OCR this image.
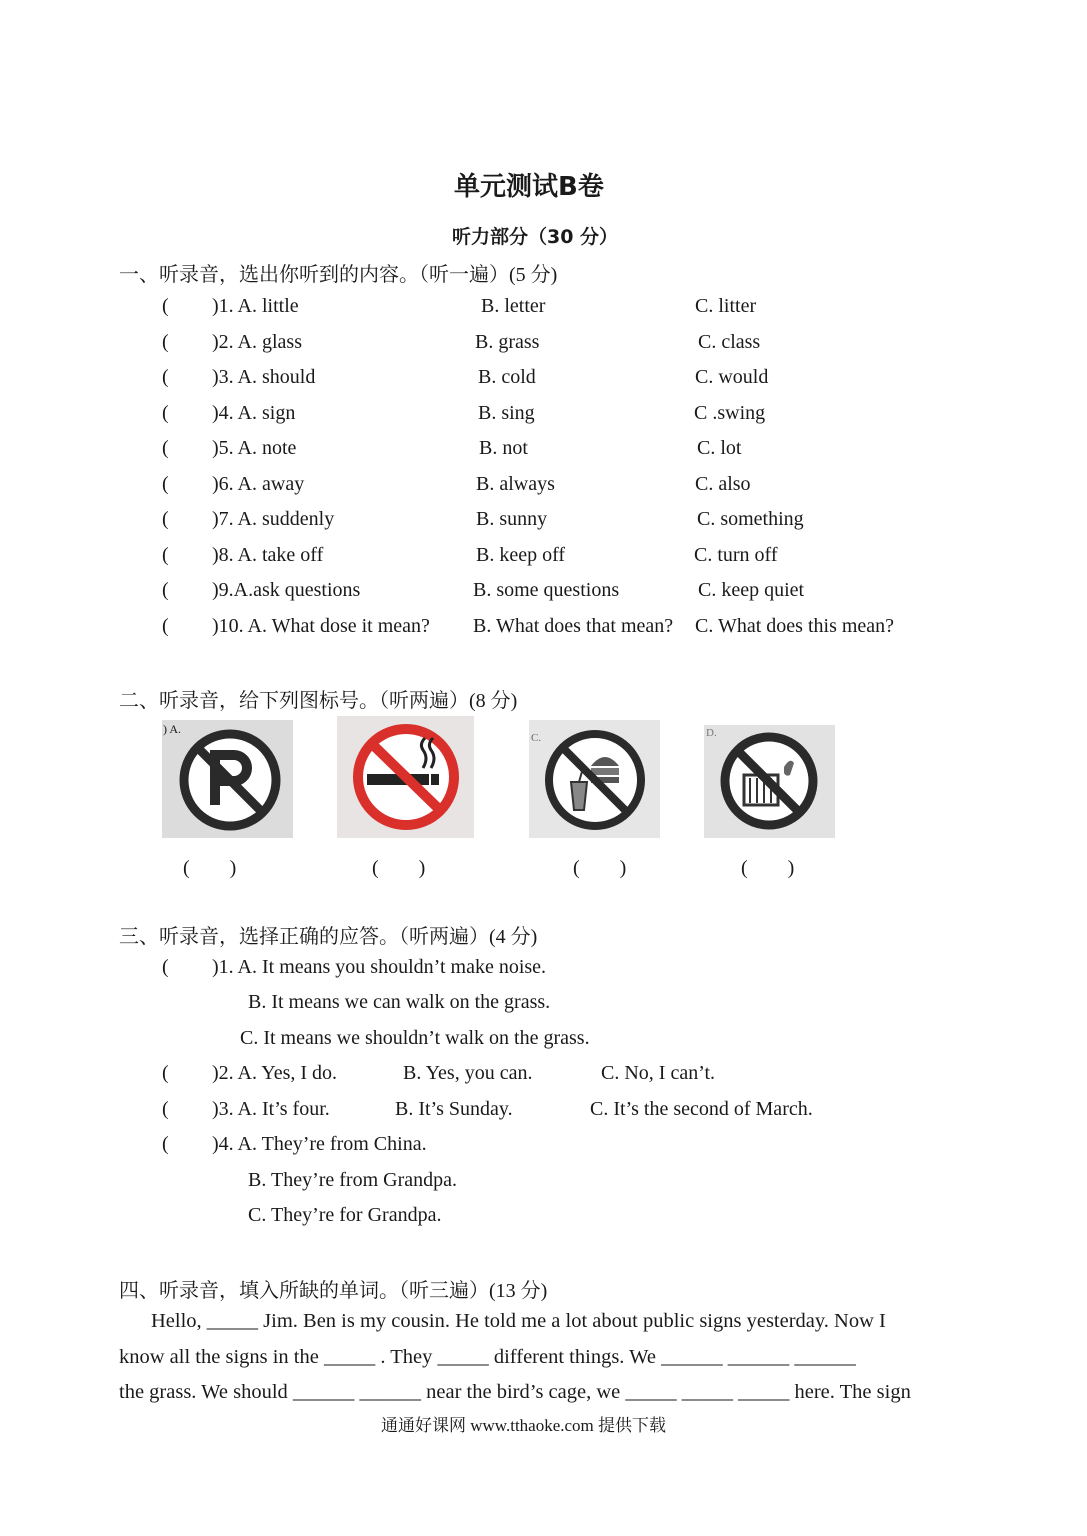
单元测试B卷
听力部分（30 分）
一、听录音，选出你听到的内容。（听一遍）(5 分)
( )1. A. little	B. letter	C. litter
( )2. A. glass	B. grass	C. class
( )3. A. should	B. cold	C. would
( )4. A. sign	B. sing	C .swing
( )5. A. note	B. not	C. lot
( )6. A. away	B. always	C. also
( )7. A. suddenly	B. sunny	C. something
( )8. A. take off	B. keep off	C. turn off
( )9.A.ask questions	B. some questions	C. keep quiet
( )10. A. What dose it mean? B. What does that mean? C. What does this mean?
二、听录音，给下列图标号。（听两遍）(8 分)
) A.
C.	D.
(　　)	(　　)	(　　)	(　　)
三、听录音，选择正确的应答。（听两遍）(4 分)
( )1. A. It means you shouldn’t make noise.
B. It means we can walk on the grass.
C. It means we shouldn’t walk on the grass.
( )2. A. Yes, I do.	B. Yes, you can.	C. No, I can’t.
( )3. A. It’s four.	B. It’s Sunday.	C. It’s the second of March.
( )4. A. They’re from China.
B. They’re from Grandpa.
C. They’re for Grandpa.
四、听录音，填入所缺的单词。（听三遍）(13 分)
Hello, _____ Jim. Ben is my cousin. He told me a lot about public signs yesterday. Now I
know all the signs in the _____ . They _____ different things. We ______ ______ ______
the grass. We should ______ ______ near the bird’s cage, we _____ _____ _____ here. The sign
通通好课网 www.tthaoke.com 提供下载
